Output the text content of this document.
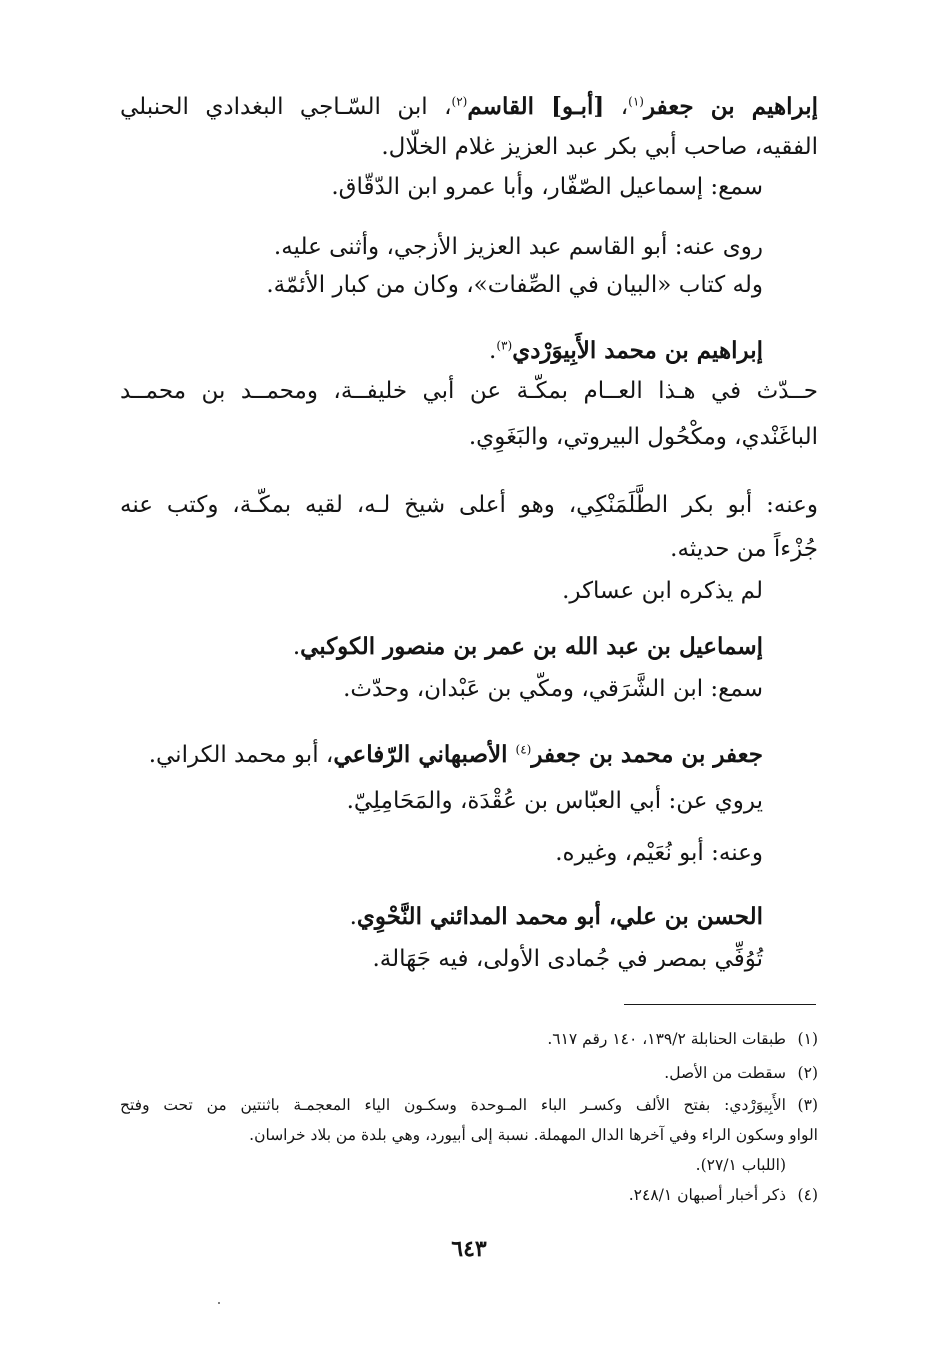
إبراهيم بن جعفر$^{(١)}$، [أبـو] القاسم$^{(٢)}$، ابن السّـاجي البغدادي الحنبلي
الفقيه، صاحب أبي بكر عبد العزيز غلام الخلّال.
سمع: إسماعيل الصّفّار، وأبا عمرو ابن الدّقّاق.
روى عنه: أبو القاسم عبد العزيز الأزجي، وأثنى عليه.
وله كتاب «البيان في الصِّفات»، وكان من كبار الأئمّة.
إبراهيم بن محمد الأَبِيوَرْدي$^{(٣)}$.
حــدّث في هـذا العــام بمكّـة عن أبي خليفــة، ومحمــد بن محمــد
الباغَنْدي، ومكْحُول البيروتي، والبَغَوِي.
وعنه: أبو بكر الطَّلَمَنْكِي، وهو أعلى شيخ لـه، لقيه بمكّـة، وكتب عنه
جُزْءاً من حديثه.
لم يذكره ابن عساكر.
إسماعيل بن عبد الله بن عمر بن منصور الكوكبي.
سمع: ابن الشَّرَقي، ومكّي بن عَبْدان، وحدّث.
جعفر بن محمد بن جعفر$^{(٤)}$ الأصبهاني الرّفاعي، أبو محمد الكراني.
يروي عن: أبي العبّاس بن عُقْدَة، والمَحَامِلِيّ.
وعنه: أبو نُعَيْم، وغيره.
الحسن بن علي، أبو محمد المدائني النَّحْوِي.
تُوُفِّي بمصر في جُمادى الأولى، فيه جَهَالة.
(١)
طبقات الحنابلة ١٣٩/٢، ١٤٠ رقم ٦١٧.
(٢)
سقطت من الأصل.
(٣)
الأَبِيوَرْدي: بفتح الألف وكسـر الباء المـوحدة وسكـون الياء المعجمـة باثنتين من تحت وفتح
الواو وسكون الراء وفي آخرها الدال المهملة. نسبة إلى أبيورد، وهي بلدة من بلاد خراسان.
(اللباب ٢٧/١).
(٤)
ذكر أخبار أصبهان ٢٤٨/١.
٦٤٣
